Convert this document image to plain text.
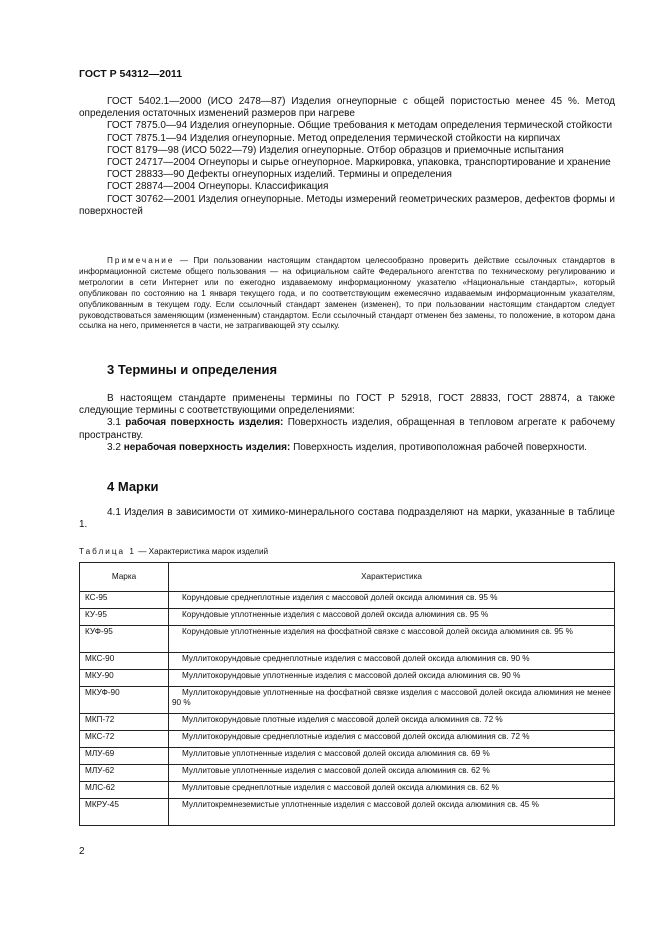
ГОСТ Р 54312—2011

ГОСТ 5402.1—2000 (ИСО 2478—87) Изделия огнеупорные с общей пористостью менее 45 %. Метод определения остаточных изменений размеров при нагреве

ГОСТ 7875.0—94 Изделия огнеупорные. Общие требования к методам определения термической стойкости

ГОСТ 7875.1—94 Изделия огнеупорные. Метод определения термической стойкости на кирпичах

ГОСТ 8179—98 (ИСО 5022—79) Изделия огнеупорные. Отбор образцов и приемочные испытания

ГОСТ 24717—2004 Огнеупоры и сырье огнеупорное. Маркировка, упаковка, транспортирование и хранение

ГОСТ 28833—90 Дефекты огнеупорных изделий. Термины и определения

ГОСТ 28874—2004 Огнеупоры. Классификация

ГОСТ 30762—2001 Изделия огнеупорные. Методы измерений геометрических размеров, дефектов формы и поверхностей

Примечание — При пользовании настоящим стандартом целесообразно проверить действие ссылочных стандартов в информационной системе общего пользования — на официальном сайте Федерального агентства по техническому регулированию и метрологии в сети Интернет или по ежегодно издаваемому информационному указателю «Национальные стандарты», который опубликован по состоянию на 1 января текущего года, и по соответствующим ежемесячно издаваемым информационным указателям, опубликованным в текущем году. Если ссылочный стандарт заменен (изменен), то при пользовании настоящим стандартом следует руководствоваться заменяющим (измененным) стандартом. Если ссылочный стандарт отменен без замены, то положение, в котором дана ссылка на него, применяется в части, не затрагивающей эту ссылку.

3 Термины и определения

В настоящем стандарте применены термины по ГОСТ Р 52918, ГОСТ 28833, ГОСТ 28874, а также следующие термины с соответствующими определениями:

3.1 рабочая поверхность изделия: Поверхность изделия, обращенная в тепловом агрегате к рабочему пространству.

3.2 нерабочая поверхность изделия: Поверхность изделия, противоположная рабочей поверхности.

4 Марки

4.1 Изделия в зависимости от химико-минерального состава подразделяют на марки, указанные в таблице 1.

Таблица 1 — Характеристика марок изделий
Марка	Характеристика
КС-95	Корундовые среднеплотные изделия с массовой долей оксида алюминия св. 95 %
КУ-95	Корундовые уплотненные изделия с массовой долей оксида алюминия св. 95 %
КУФ-95	Корундовые уплотненные изделия на фосфатной связке с массовой долей оксида алюминия св. 95 %
МКС-90	Муллитокорундовые среднеплотные изделия с массовой долей оксида алюминия св. 90 %
МКУ-90	Муллитокорундовые уплотненные изделия с массовой долей оксида алюминия св. 90 %
МКУФ-90	Муллитокорундовые уплотненные на фосфатной связке изделия с массовой долей оксида алюминия не менее 90 %
МКП-72	Муллитокорундовые плотные изделия с массовой долей оксида алюминия св. 72 %
МКС-72	Муллитокорундовые среднеплотные изделия с массовой долей оксида алюминия св. 72 %
МЛУ-69	Муллитовые уплотненные изделия с массовой долей оксида алюминия св. 69 %
МЛУ-62	Муллитовые уплотненные изделия с массовой долей оксида алюминия св. 62 %
МЛС-62	Муллитовые среднеплотные изделия с массовой долей оксида алюминия св. 62 %
МКРУ-45	Муллитокремнеземистые уплотненные изделия с массовой долей оксида алюминия св. 45 %
2
